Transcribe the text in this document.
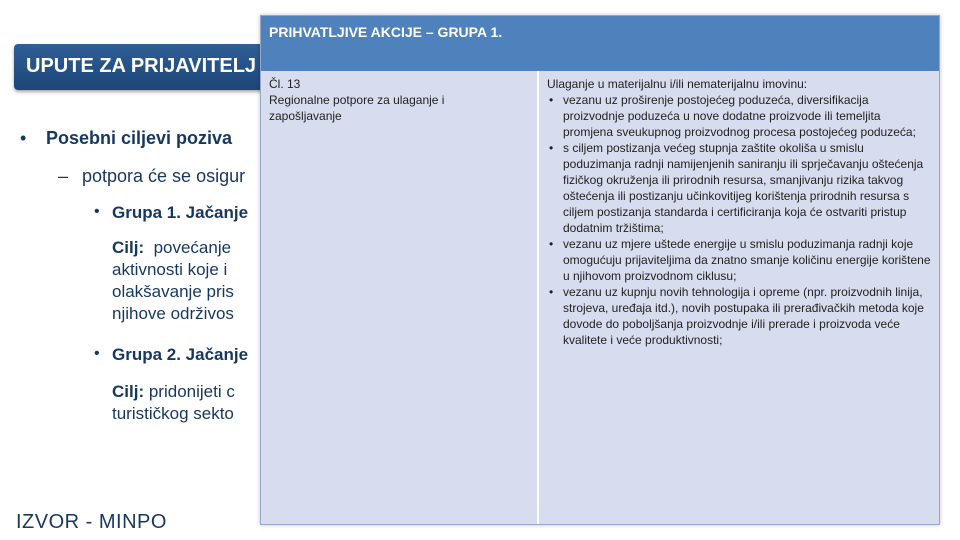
UPUTE ZA PRIJAVITELJ
• Posebni ciljevi poziva
– potpora će se osigur
• Grupa 1. Jačanje
Cilj: povećanje
aktivnosti koje i
olakšavanje pris
njihove održivos
• Grupa 2. Jačanje
Cilj: pridonijeti c
turističkog sekto
IZVOR - MINPO
PRIHVATLJIVE AKCIJE – GRUPA 1.
Čl. 13
Regionalne potpore za ulaganje i
zapošljavanje

Ulaganje u materijalnu i/ili nematerijalnu imovinu:

• vezanu uz proširenje postojećeg poduzeća, diversifikacija proizvodnje poduzeća u nove dodatne proizvode ili temeljita promjena sveukupnog proizvodnog procesa postojećeg poduzeća;
• s ciljem postizanja većeg stupnja zaštite okoliša u smislu poduzimanja radnji namijenjenih saniranju ili sprječavanju oštećenja fizičkog okruženja ili prirodnih resursa, smanjivanju rizika takvog oštećenja ili postizanju učinkovitijeg korištenja prirodnih resursa s ciljem postizanja standarda i certificiranja koja će ostvariti pristup dodatnim tržištima;
• vezanu uz mjere uštede energije u smislu poduzimanja radnji koje omogućuju prijaviteljima da znatno smanje količinu energije korištene u njihovom proizvodnom ciklusu;
• vezanu uz kupnju novih tehnologija i opreme (npr. proizvodnih linija, strojeva, uređaja itd.), novih postupaka ili prerađivačkih metoda koje dovode do poboljšanja proizvodnje i/ili prerade i proizvoda veće kvalitete i veće produktivnosti;
